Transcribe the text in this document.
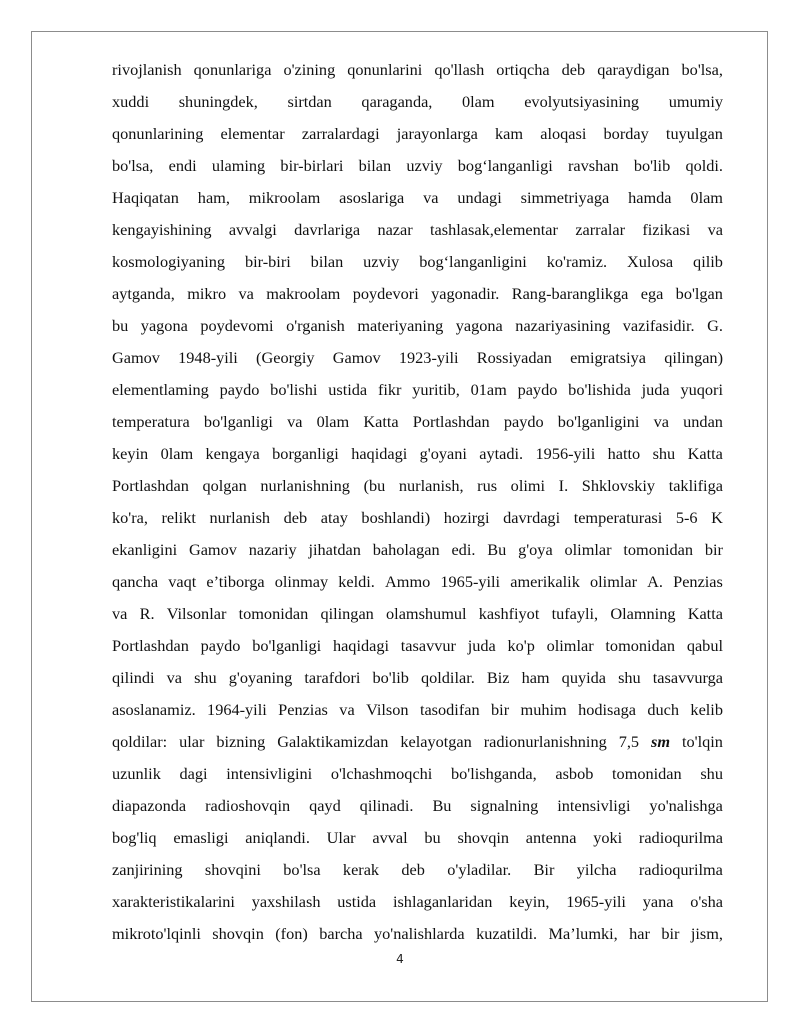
rivojlanish qonunlariga o'zining qonunlarini qo'llash ortiqcha deb qaraydigan bo'lsa,
xuddi shuningdek, sirtdan qaraganda, 0lam evolyutsiyasining umumiy
qonunlarining elementar zarralardagi jarayonlarga kam aloqasi borday tuyulgan
bo'lsa, endi ulaming bir-birlari bilan uzviy bog‘langanligi ravshan bo'lib qoldi.
Haqiqatan ham, mikroolam asoslariga va undagi simmetriyaga hamda 0lam
kengayishining avvalgi davrlariga nazar tashlasak,elementar zarralar fizikasi va
kosmologiyaning bir-biri bilan uzviy bog‘langanligini ko'ramiz. Xulosa qilib
aytganda, mikro va makroolam poydevori yagonadir. Rang-baranglikga ega bo'lgan
bu yagona poydevomi o'rganish materiyaning yagona nazariyasining vazifasidir. G.
Gamov 1948-yili (Georgiy Gamov 1923-yili Rossiyadan emigratsiya qilingan)
elementlaming paydo bo'lishi ustida fikr yuritib, 01am paydo bo'lishida juda yuqori
temperatura bo'lganligi va 0lam Katta Portlashdan paydo bo'lganligini va undan
keyin 0lam kengaya borganligi haqidagi g'oyani aytadi. 1956-yili hatto shu Katta
Portlashdan qolgan nurlanishning (bu nurlanish, rus olimi I. Shklovskiy taklifiga
ko'ra, relikt nurlanish deb atay boshlandi) hozirgi davrdagi temperaturasi 5-6 K
ekanligini Gamov nazariy jihatdan baholagan edi. Bu g'oya olimlar tomonidan bir
qancha vaqt e’tiborga olinmay keldi. Ammo 1965-yili amerikalik olimlar A. Penzias
va R. Vilsonlar tomonidan qilingan olamshumul kashfiyot tufayli, Olamning Katta
Portlashdan paydo bo'lganligi haqidagi tasavvur juda ko'p olimlar tomonidan qabul
qilindi va shu g'oyaning tarafdori bo'lib qoldilar. Biz ham quyida shu tasavvurga
asoslanamiz. 1964-yili Penzias va Vilson tasodifan bir muhim hodisaga duch kelib
qoldilar: ular bizning Galaktikamizdan kelayotgan radionurlanishning 7,5 sm to'lqin
uzunlik dagi intensivligini o'lchashmoqchi bo'lishganda, asbob tomonidan shu
diapazonda radioshovqin qayd qilinadi. Bu signalning intensivligi yo'nalishga
bog'liq emasligi aniqlandi. Ular avval bu shovqin antenna yoki radioqurilma
zanjirining shovqini bo'lsa kerak deb o'yladilar. Bir yilcha radioqurilma
xarakteristikalarini yaxshilash ustida ishlaganlaridan keyin, 1965-yili yana o'sha
mikroto'lqinli shovqin (fon) barcha yo'nalishlarda kuzatildi. Ma’lumki, har bir jism,
4
